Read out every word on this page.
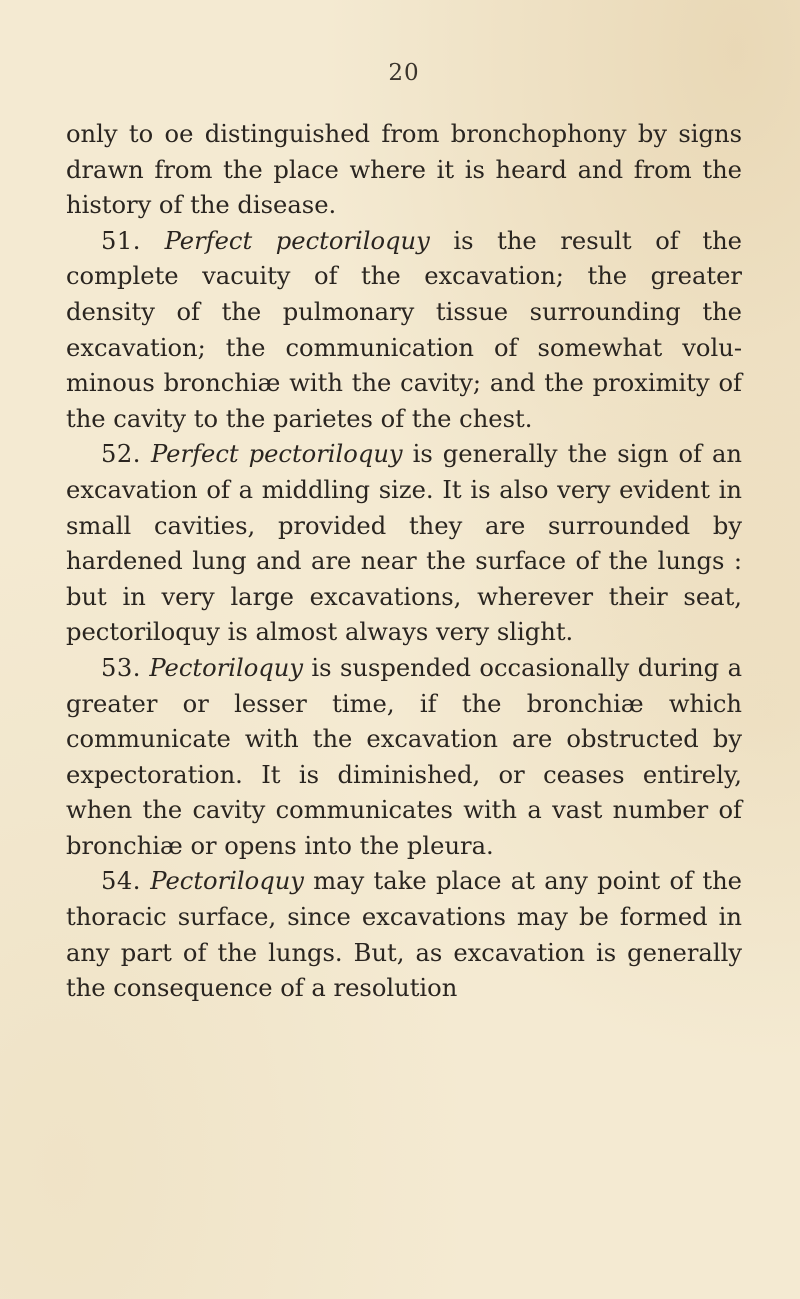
20

only to oe distinguished from bronchophony by signs drawn from the place where it is heard and from the history of the disease.

51. Perfect pectoriloquy is the result of the complete vacuity of the excavation; the greater density of the pulmonary tissue surrounding the excavation; the communication of somewhat voluminous bronchiæ with the cavity; and the proximity of the cavity to the parietes of the chest.

52. Perfect pectoriloquy is generally the sign of an excavation of a middling size. It is also very evident in small cavities, provided they are surrounded by hardened lung and are near the surface of the lungs : but in very large excavations, wherever their seat, pectoriloquy is almost always very slight.

53. Pectoriloquy is suspended occasionally during a greater or lesser time, if the bronchiæ which communicate with the excavation are obstructed by expectoration. It is diminished, or ceases entirely, when the cavity communicates with a vast number of bronchiæ or opens into the pleura.

54. Pectoriloquy may take place at any point of the thoracic surface, since excavations may be formed in any part of the lungs. But, as excavation is generally the consequence of a resolution
